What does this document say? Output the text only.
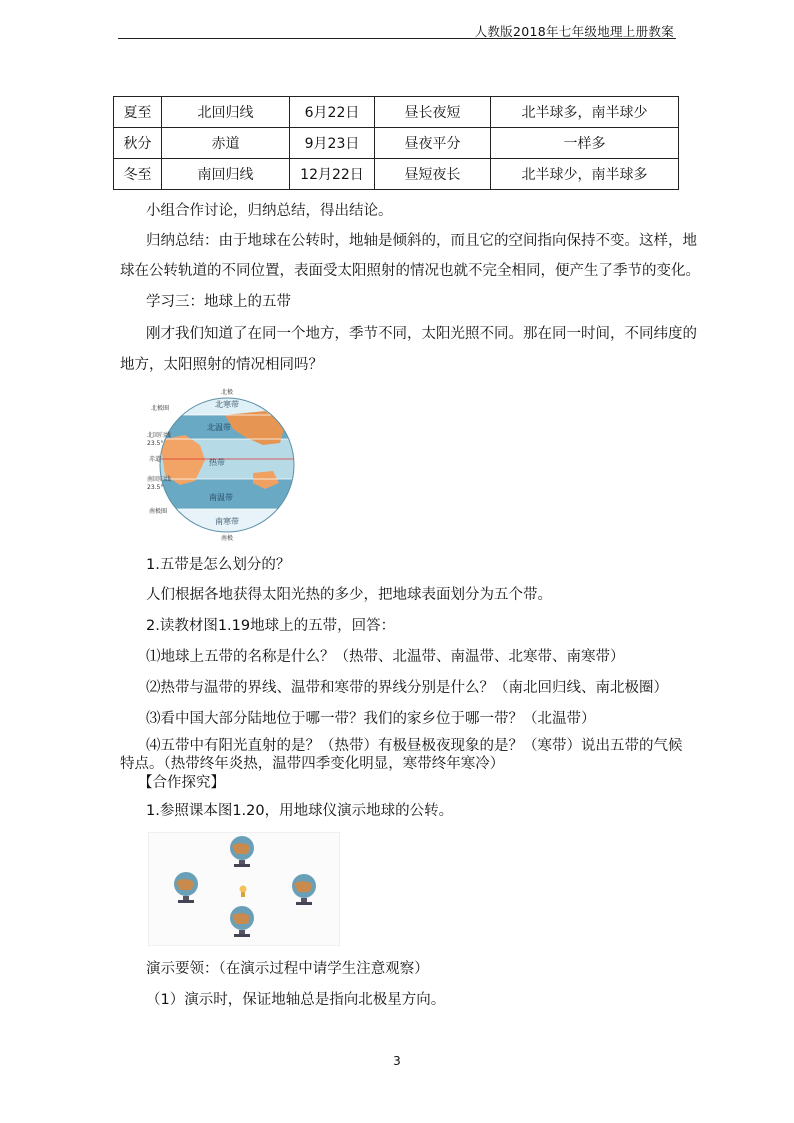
人教版2018年七年级地理上册教案
夏至	北回归线	6月22日	昼长夜短	北半球多，南半球少
秋分	赤道	9月23日	昼夜平分	一样多
冬至	南回归线	12月22日	昼短夜长	北半球少，南半球多
小组合作讨论，归纳总结，得出结论。
归纳总结：由于地球在公转时，地轴是倾斜的，而且它的空间指向保持不变。这样，地
球在公转轨道的不同位置，表面受太阳照射的情况也就不完全相同，便产生了季节的变化。
学习三：地球上的五带
刚才我们知道了在同一个地方，季节不同，太阳光照不同。那在同一时间，不同纬度的
地方，太阳照射的情况相同吗？
北极
北极圈
北回归线
23.5°
赤道
南回归线
23.5°
南极圈
南极
北寒带
北温带
热带
南温带
南寒带
1.五带是怎么划分的？
人们根据各地获得太阳光热的多少，把地球表面划分为五个带。
2.读教材图1.19地球上的五带，回答：
⑴地球上五带的名称是什么？（热带、北温带、南温带、北寒带、南寒带）
⑵热带与温带的界线、温带和寒带的界线分别是什么？（南北回归线、南北极圈）
⑶看中国大部分陆地位于哪一带？我们的家乡位于哪一带？（北温带）
⑷五带中有阳光直射的是？（热带）有极昼极夜现象的是？（寒带）说出五带的气候
特点。（热带终年炎热，温带四季变化明显，寒带终年寒冷）
【合作探究】
1.参照课本图1.20，用地球仪演示地球的公转。
演示要领：（在演示过程中请学生注意观察）
（1）演示时，保证地轴总是指向北极星方向。
3
